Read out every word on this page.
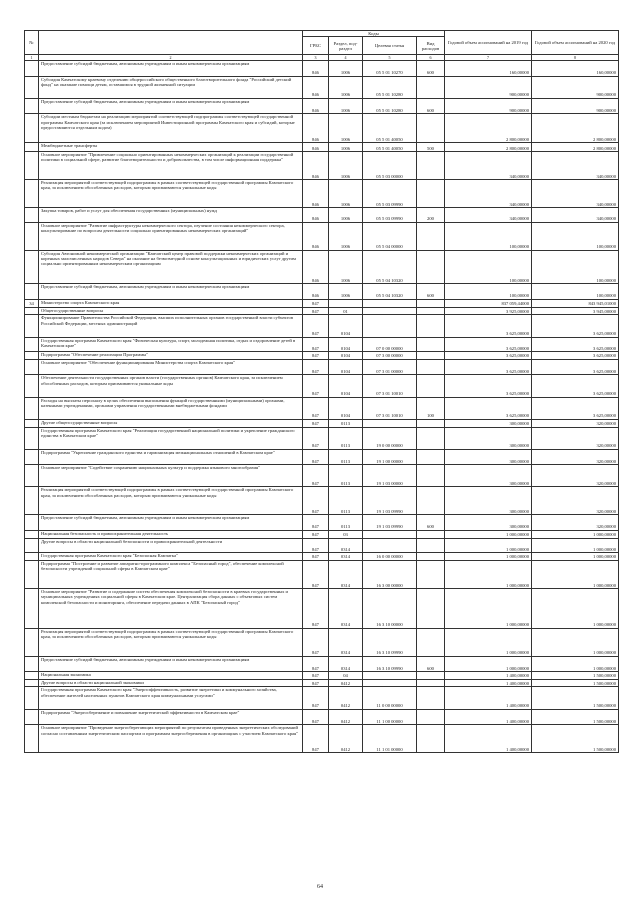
№		Коды				Годовой объем ассигнований на 2019 год	Годовой объем ассигнований на 2020 год
		ГРБС	Раздел, под-раздел	Целевая статья	Вид расходов		
1	2	3	4	5	6	7	8
	Предоставление субсидий бюджетным, автономным учреждениям и иным некоммерческим организациям	846	1006	05 5 01 10270	600	160,00000	160,00000
	Субсидия Камчатскому краевому отделению общероссийского общественного благотворительного фонда "Российский детский фонд" на оказание помощи детям, оставшимся в трудной жизненной ситуации	846	1006	05 5 01 10280		900,00000	900,00000
	Предоставление субсидий бюджетным, автономным учреждениям и иным некоммерческим организациям	846	1006	05 5 01 10280	600	900,00000	900,00000
	Субсидии местным бюджетам на реализацию мероприятий соответствующей подпрограммы соответствующей государственной программы Камчатского края (за исключением мероприятий Инвестиционной программы Камчатского края и субсидий, которые предоставляются отдельным кодом)	846	1006	05 5 01 40050		2 800,00000	2 800,00000
	Межбюджетные трансферты	846	1006	05 5 01 40050	500	2 800,00000	2 800,00000
	Основное мероприятие "Привлечение социально ориентированных некоммерческих организаций к реализации государственной политики в социальной сфере, развитие благотворительности и добровольчества, в том числе информационная поддержка"	846	1006	05 5 03 00000		340,00000	340,00000
	Реализация мероприятий соответствующей подпрограммы в рамках соответствующей государственной программы Камчатского края, за исключением обособленных расходов, которым присваиваются уникальные коды	846	1006	05 5 03 09990		340,00000	340,00000
	Закупка товаров, работ и услуг для обеспечения государственных (муниципальных) нужд	846	1006	05 5 03 09990	200	340,00000	340,00000
	Основное мероприятие "Развитие инфраструктуры некоммерческого сектора, изучение состояния некоммерческого сектора, консультирование по вопросам деятельности социально ориентированных некоммерческих организаций"	846	1006	05 5 04 00000		100,00000	100,00000
	Субсидия Автономной некоммерческой организации "Камчатский центр правовой поддержки некоммерческих организаций и коренных малочисленных народов Севера" на оказание на безвозмездной основе консультационных и юридических услуг другим социально ориентированным некоммерческим организациям	846	1006	05 5 04 10320		100,00000	100,00000
	Предоставление субсидий бюджетным, автономным учреждениям и иным некоммерческим организациям	846	1006	05 5 04 10320	600	100,00000	100,00000
34	Министерство спорта Камчатского края	847				837 059,44000	843 945,01000
	Общегосударственные вопросы	847	01			3 925,00000	3 945,00000
	Функционирование Правительства Российской Федерации, высших исполнительных органов государственной власти субъектов Российской Федерации, местных администраций	847	0104			3 625,00000	3 625,00000
	Государственная программа Камчатского края "Физическая культура, спорт, молодежная политика, отдых и оздоровление детей в Камчатском крае"	847	0104	07 0 00 00000		3 625,00000	3 625,00000
	Подпрограмма "Обеспечение реализации Программы"	847	0104	07 3 00 00000		3 625,00000	3 625,00000
	Основное мероприятие "Обеспечение функционирования Министерства спорта Камчатского края"	847	0104	07 3 01 00000		3 625,00000	3 625,00000
	Обеспечение деятельности государственных органов власти (государственных органов) Камчатского края, за исключением обособленных расходов, которым присваиваются уникальные коды	847	0104	07 3 01 10010		3 625,00000	3 625,00000
	Расходы на выплаты персоналу в целях обеспечения выполнения функций государственными (муниципальными) органами, казенными учреждениями, органами управления государственными внебюджетными фондами	847	0104	07 3 01 10010	100	3 625,00000	3 625,00000
	Другие общегосударственные вопросы	847	0113			300,00000	320,00000
	Государственная программа Камчатского края "Реализация государственной национальной политики и укрепление гражданского единства в Камчатском крае"	847	0113	19 0 00 00000		300,00000	320,00000
	Подпрограмма "Укрепление гражданского единства и гармонизация межнациональных отношений в Камчатском крае"	847	0113	19 1 00 00000		300,00000	320,00000
	Основное мероприятие "Содействие сохранению национальных культур и поддержка языкового многообразия"	847	0113	19 1 03 00000		300,00000	320,00000
	Реализация мероприятий соответствующей подпрограммы в рамках соответствующей государственной программы Камчатского края, за исключением обособленных расходов, которым присваиваются уникальные коды	847	0113	19 1 03 09990		300,00000	320,00000
	Предоставление субсидий бюджетным, автономным учреждениям и иным некоммерческим организациям	847	0113	19 1 03 09990	600	300,00000	320,00000
	Национальная безопасность и правоохранительная деятельность	847	03			1 000,00000	1 000,00000
	Другие вопросы в области национальной безопасности и правоохранительной деятельности	847	0314			1 000,00000	1 000,00000
	Государственная программа Камчатского края "Безопасная Камчатка"	847	0314	16 0 00 00000		1 000,00000	1 000,00000
	Подпрограмма "Построение и развитие аппаратно-программного комплекса "Безопасный город", обеспечение комплексной безопасности учреждений социальной сферы в Камчатском крае"	847	0314	16 3 00 00000		1 000,00000	1 000,00000
	Основное мероприятие "Развитие и содержание систем обеспечения комплексной безопасности в краевых государственных и муниципальных учреждениях социальной сферы в Камчатском крае. Централизация сбора данных с объектовых систем комплексной безопасности и мониторинга, обеспечение передачи данных в АПК "Безопасный город"	847	0314	16 3 10 00000		1 000,00000	1 000,00000
	Реализация мероприятий соответствующей подпрограммы в рамках соответствующей государственной программы Камчатского края, за исключением обособленных расходов, которым присваиваются уникальные коды	847	0314	16 3 10 09990		1 000,00000	1 000,00000
	Предоставление субсидий бюджетным, автономным учреждениям и иным некоммерческим организациям	847	0314	16 3 10 09990	600	1 000,00000	1 000,00000
	Национальная экономика	847	04			1 400,00000	1 500,00000
	Другие вопросы в области национальной экономики	847	0412			1 400,00000	1 500,00000
	Государственная программа Камчатского края "Энергоэффективность, развитие энергетики и коммунального хозяйства, обеспечение жителей населенных пунктов Камчатского края коммунальными услугами"	847	0412	11 0 00 00000		1 400,00000	1 500,00000
	Подпрограмма "Энергосбережение и повышение энергетической эффективности в Камчатском крае"	847	0412	11 1 00 00000		1 400,00000	1 500,00000
	Основное мероприятие "Проведение энергосберегающих мероприятий по результатам проведенных энергетических обследований согласно составленным энергетическим паспортам и программам энергосбережения в организациях с участием Камчатского края"	847	0412	11 1 01 00000		1 400,00000	1 500,00000
64
